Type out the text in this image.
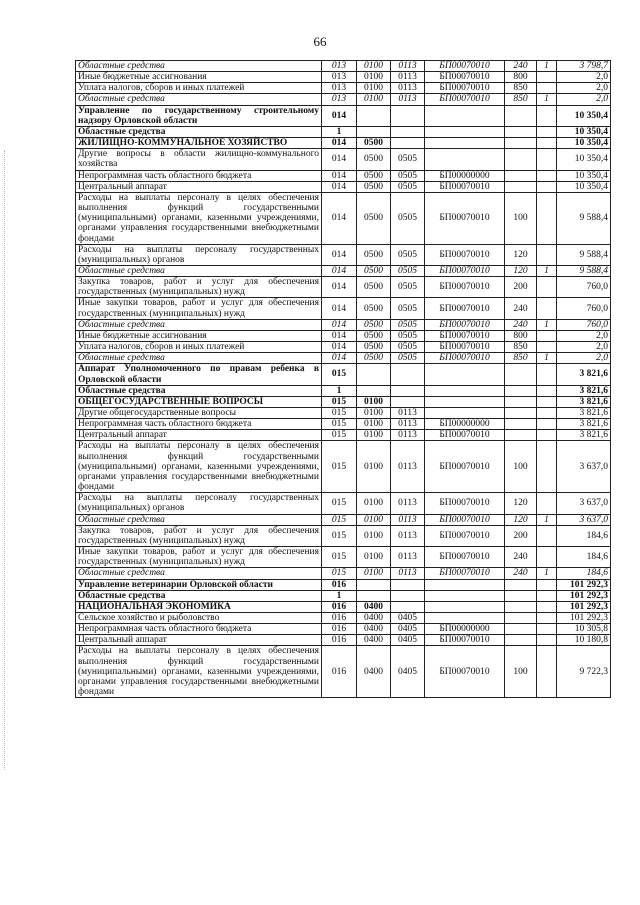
66
Областные средства	013	0100	0113	БП00070010	240	1	3 798,7
Иные бюджетные ассигнования	013	0100	0113	БП00070010	800		2,0
Уплата налогов, сборов и иных платежей	013	0100	0113	БП00070010	850		2,0
Областные средства	013	0100	0113	БП00070010	850	1	2,0
Управление по государственному строительному надзору Орловской области	014						10 350,4
Областные средства	1						10 350,4
ЖИЛИЩНО-КОММУНАЛЬНОЕ ХОЗЯЙСТВО	014	0500					10 350,4
Другие вопросы в области жилищно-коммунального хозяйства	014	0500	0505				10 350,4
Непрограммная часть областного бюджета	014	0500	0505	БП00000000			10 350,4
Центральный аппарат	014	0500	0505	БП00070010			10 350,4
Расходы на выплаты персоналу в целях обеспечения выполнения функций государственными (муниципальными) органами, казенными учреждениями, органами управления государственными внебюджетными фондами	014	0500	0505	БП00070010	100		9 588,4
Расходы на выплаты персоналу государственных (муниципальных) органов	014	0500	0505	БП00070010	120		9 588,4
Областные средства	014	0500	0505	БП00070010	120	1	9 588,4
Закупка товаров, работ и услуг для обеспечения государственных (муниципальных) нужд	014	0500	0505	БП00070010	200		760,0
Иные закупки товаров, работ и услуг для обеспечения государственных (муниципальных) нужд	014	0500	0505	БП00070010	240		760,0
Областные средства	014	0500	0505	БП00070010	240	1	760,0
Иные бюджетные ассигнования	014	0500	0505	БП00070010	800		2,0
Уплата налогов, сборов и иных платежей	014	0500	0505	БП00070010	850		2,0
Областные средства	014	0500	0505	БП00070010	850	1	2,0
Аппарат Уполномоченного по правам ребенка в Орловской области	015						3 821,6
Областные средства	1						3 821,6
ОБЩЕГОСУДАРСТВЕННЫЕ ВОПРОСЫ	015	0100					3 821,6
Другие общегосударственные вопросы	015	0100	0113				3 821,6
Непрограммная часть областного бюджета	015	0100	0113	БП00000000			3 821,6
Центральный аппарат	015	0100	0113	БП00070010			3 821,6
Расходы на выплаты персоналу в целях обеспечения выполнения функций государственными (муниципальными) органами, казенными учреждениями, органами управления государственными внебюджетными фондами	015	0100	0113	БП00070010	100		3 637,0
Расходы на выплаты персоналу государственных (муниципальных) органов	015	0100	0113	БП00070010	120		3 637,0
Областные средства	015	0100	0113	БП00070010	120	1	3 637,0
Закупка товаров, работ и услуг для обеспечения государственных (муниципальных) нужд	015	0100	0113	БП00070010	200		184,6
Иные закупки товаров, работ и услуг для обеспечения государственных (муниципальных) нужд	015	0100	0113	БП00070010	240		184,6
Областные средства	015	0100	0113	БП00070010	240	1	184,6
Управление ветеринарии Орловской области	016						101 292,3
Областные средства	1						101 292,3
НАЦИОНАЛЬНАЯ ЭКОНОМИКА	016	0400					101 292,3
Сельское хозяйство и рыболовство	016	0400	0405				101 292,3
Непрограммная часть областного бюджета	016	0400	0405	БП00000000			10 305,8
Центральный аппарат	016	0400	0405	БП00070010			10 180,8
Расходы на выплаты персоналу в целях обеспечения выполнения функций государственными (муниципальными) органами, казенными учреждениями, органами управления государственными внебюджетными фондами	016	0400	0405	БП00070010	100		9 722,3
